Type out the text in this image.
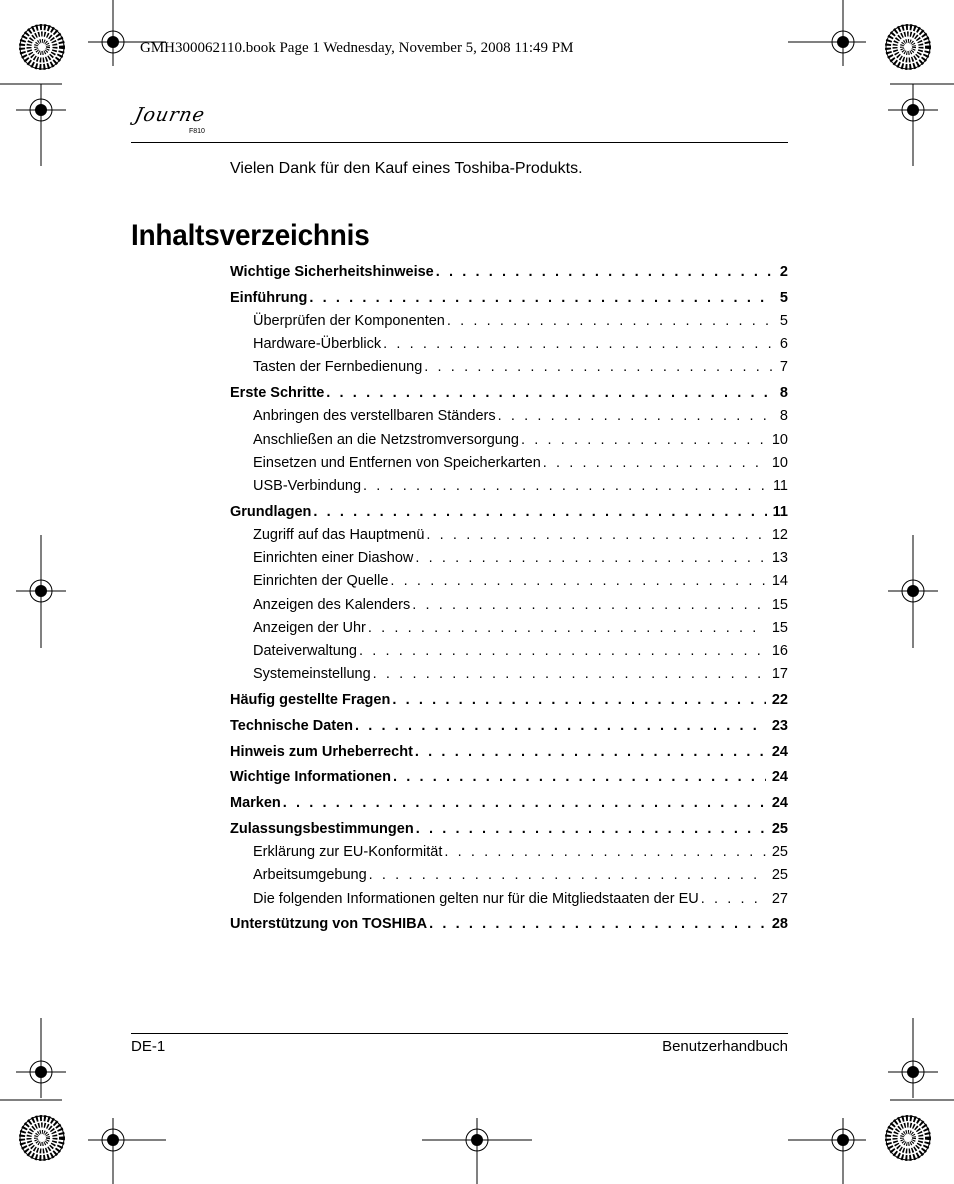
GMH300062110.book Page 1 Wednesday, November 5, 2008 11:49 PM
Journe
F810
Vielen Dank für den Kauf eines Toshiba-Produkts.
Inhaltsverzeichnis
Wichtige Sicherheitshinweise . . .	2
Einführung . . .	5
Überprüfen der Komponenten . . .	5
Hardware-Überblick . . .	6
Tasten der Fernbedienung . . .	7
Erste Schritte . . .	8
Anbringen des verstellbaren Ständers . . .	8
Anschließen an die Netzstromversorgung . . .	10
Einsetzen und Entfernen von Speicherkarten . . .	10
USB-Verbindung . . .	11
Grundlagen . . .	11
Zugriff auf das Hauptmenü . . .	12
Einrichten einer Diashow . . .	13
Einrichten der Quelle . . .	14
Anzeigen des Kalenders . . .	15
Anzeigen der Uhr . . .	15
Dateiverwaltung . . .	16
Systemeinstellung . . .	17
Häufig gestellte Fragen . . .	22
Technische Daten . . .	23
Hinweis zum Urheberrecht . . .	24
Wichtige Informationen . . .	24
Marken . . .	24
Zulassungsbestimmungen . . .	25
Erklärung zur EU-Konformität . . .	25
Arbeitsumgebung . . .	25
Die folgenden Informationen gelten nur für die Mitgliedstaaten der EU . . .	27
Unterstützung von TOSHIBA . . .	28
DE-1	Benutzerhandbuch
